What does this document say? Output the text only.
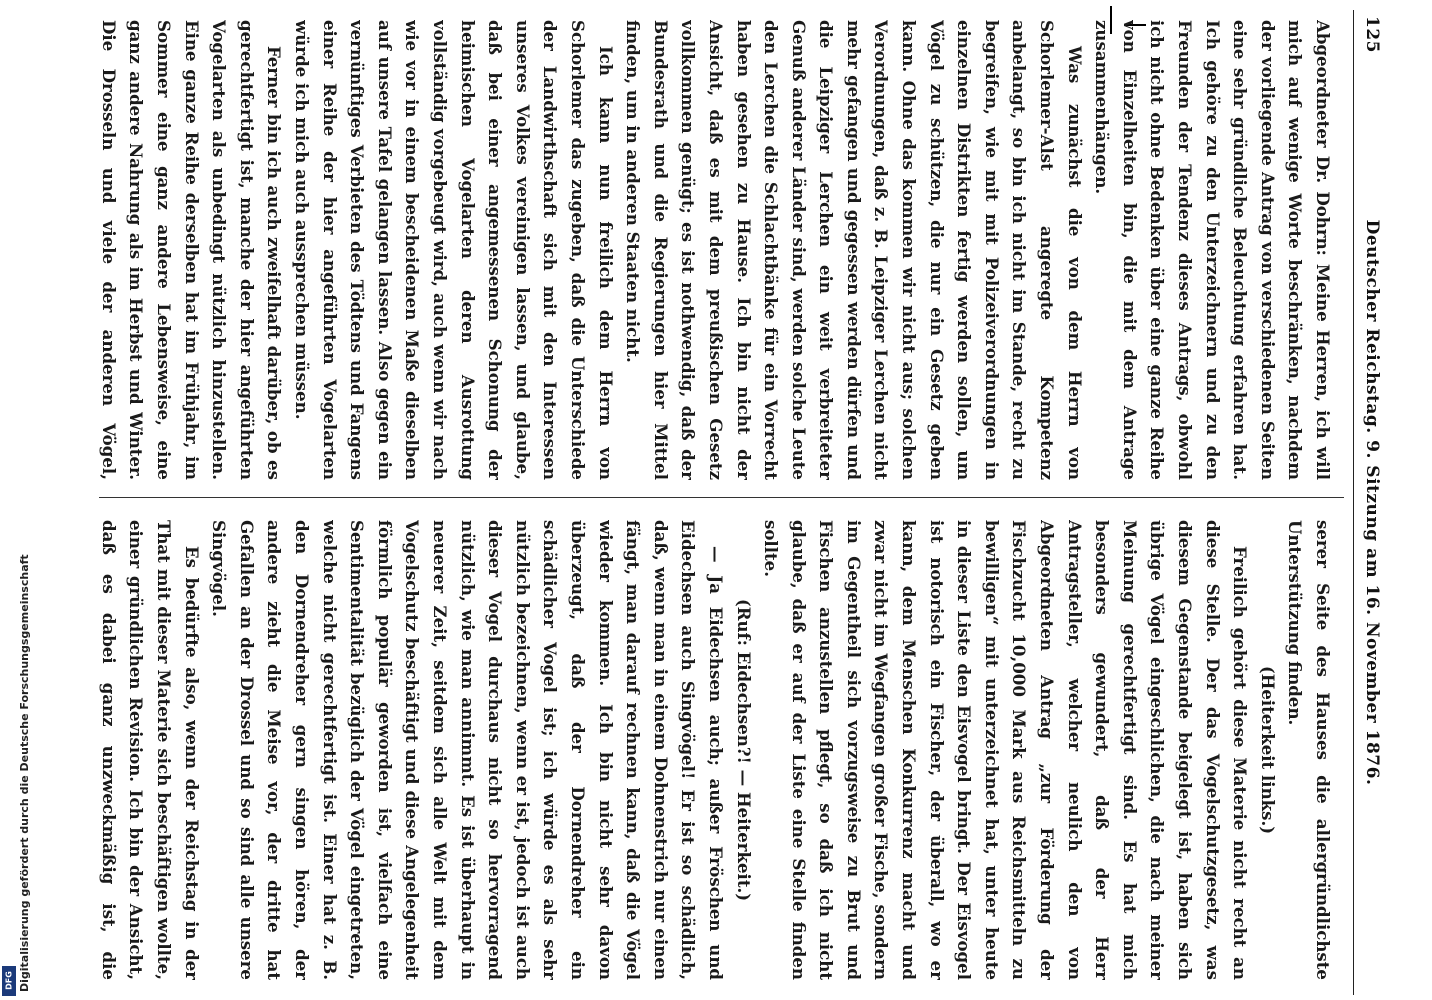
125
Deutscher Reichstag. 9. Sitzung am 16. November 1876.

Abgeordneter Dr. Dohrn: Meine Herren, ich will mich auf wenige Worte beschränken, nachdem der vorliegende Antrag von verschiedenen Seiten eine sehr gründliche Beleuchtung erfahren hat. Ich gehöre zu den Unterzeichnern und zu den Freunden der Tendenz dieses Antrags, obwohl ich nicht ohne Bedenken über eine ganze Reihe von Einzelheiten bin, die mit dem Antrage zusammenhängen.

Was zunächst die von dem Herrn von Schorlemer-Alst angeregte Kompetenz anbelangt, so bin ich nicht im Stande, recht zu begreifen, wie mit mit Polizeiverordnungen in einzelnen Distrikten fertig werden sollen, um Vögel zu schützen, die nur ein Gesetz geben kann. Ohne das kommen wir nicht aus; solchen Verordnungen, daß z. B. Leipziger Lerchen nicht mehr gefangen und gegessen werden dürfen und die Leipziger Lerchen ein weit verbreiteter Genuß anderer Länder sind, werden solche Leute den Lerchen die Schlachtbänke für ein Vorrecht haben gesehen zu Hause. Ich bin nicht der Ansicht, daß es mit dem preußischen Gesetz vollkommen genügt; es ist nothwendig, daß der Bundesrath und die Regierungen hier Mittel finden, um in anderen Staaten nicht.

Ich kann nun freilich dem Herrn von Schorlemer das zugeben, daß die Unterschiede der Landwirthschaft sich mit den Interessen unseres Volkes vereinigen lassen, und glaube, daß bei einer angemessenen Schonung der heimischen Vogelarten deren Ausrottung vollständig vorgebeugt wird, auch wenn wir nach wie vor in einem bescheidenen Maße dieselben auf unsere Tafel gelangen lassen. Also gegen ein vernünftiges Verbieten des Tödtens und Fangens einer Reihe der hier angeführten Vogelarten würde ich mich auch aussprechen müssen.

Ferner bin ich auch zweifelhaft darüber, ob es gerechtfertigt ist, manche der hier angeführten Vogelarten als unbedingt nützlich hinzustellen. Eine ganze Reihe derselben hat im Frühjahr, im Sommer eine ganz andere Lebensweise, eine ganz andere Nahrung als im Herbst und Winter. Die Drosseln und viele der anderen Vögel,

serer Seite des Hauses die allergründlichste Unterstützung finden.

(Heiterkeit links.)

Freilich gehört diese Materie nicht recht an diese Stelle. Der das Vogelschutzgesetz, was diesem Gegenstande beigelegt ist, haben sich übrige Vögel eingeschlichen, die nach meiner Meinung gerechtfertigt sind. Es hat mich besonders gewundert, daß der Herr Antragsteller, welcher neulich den von Abgeordneten Antrag „zur Förderung der Fischzucht 10,000 Mark aus Reichsmitteln zu bewilligen“ mit unterzeichnet hat, unter heute in dieser Liste den Eisvogel bringt. Der Eisvogel ist notorisch ein Fischer, der überall, wo er kann, dem Menschen Konkurrenz macht und zwar nicht im Wegfangen großer Fische, sondern im Gegentheil sich vorzugsweise zu Brut und Fischen anzustellen pflegt, so daß ich nicht glaube, daß er auf der Liste eine Stelle finden sollte.

(Ruf: Eidechsen?! — Heiterkeit.)

— Ja Eidechsen auch; außer Fröschen und Eidechsen auch Singvögel! Er ist so schädlich, daß, wenn man in einem Dohnenstrich nur einen fängt, man darauf rechnen kann, daß die Vögel wieder kommen. Ich bin nicht sehr davon überzeugt, daß der Dornendreher ein schädlicher Vogel ist; ich würde es als sehr nützlich bezeichnen, wenn er ist, jedoch ist auch dieser Vogel durchaus nicht so hervorragend nützlich, wie man annimmt. Es ist überhaupt in neuerer Zeit, seitdem sich alle Welt mit dem Vogelschutz beschäftigt und diese Angelegenheit förmlich populär geworden ist, vielfach eine Sentimentalität bezüglich der Vögel eingetreten, welche nicht gerechtfertigt ist. Einer hat z. B. den Dornendreher gern singen hören, der andere zieht die Meise vor, der dritte hat Gefallen an der Drossel und so sind alle unsere Singvögel.

Es bedürfte also, wenn der Reichstag in der That mit dieser Materie sich beschäftigen wollte, einer gründlichen Revision. Ich bin der Ansicht, daß es dabei ganz unzweckmäßig ist, die

Digitalisierung gefördert durch die Deutsche Forschungsgemeinschaft
DFG
